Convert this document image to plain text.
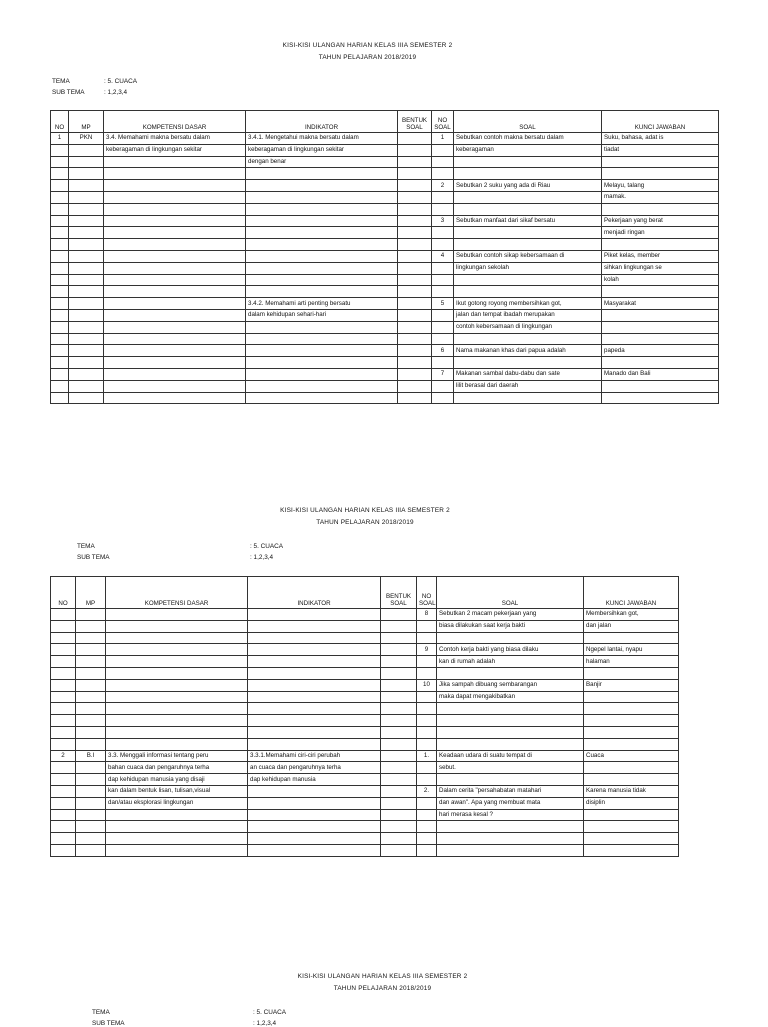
KISI-KISI ULANGAN HARIAN KELAS IIIA SEMESTER 2
TAHUN PELAJARAN 2018/2019
TEMA	: 5. CUACA
SUB TEMA	: 1,2,3,4
NO	MP	KOMPETENSI DASAR	INDIKATOR	BENTUK SOAL	NO SOAL	SOAL	KUNCI JAWABAN
1	PKN	3.4. Memahami makna bersatu dalam	3.4.1. Mengetahui makna bersatu dalam		1	Sebutkan contoh makna bersatu dalam	Suku, bahasa, adat is
		keberagaman di lingkungan sekitar	keberagaman di lingkungan sekitar			keberagaman	tiadat
			dengan benar				

					2	Sebutkan 2 suku yang ada di Riau	Melayu, talang
							mamak.

					3	Sebutkan manfaat dari sikaf bersatu	Pekerjaan yang berat
							menjadi ringan

					4	Sebutkan contoh sikap kebersamaan di	Piket kelas, member
						lingkungan sekolah	sihkan lingkungan se
							kolah

			3.4.2. Memahami arti penting bersatu		5	Ikut gotong royong membersihkan got,	Masyarakat
			dalam kehidupan sehari-hari			jalan dan tempat ibadah merupakan	
						contoh kebersamaan di lingkungan	

					6	Nama makanan khas dari papua adalah	papeda

					7	Makanan sambal dabu-dabu dan sate	Manado dan Bali
						lilit berasal dari daerah	

KISI-KISI ULANGAN HARIAN KELAS IIIA SEMESTER 2
TAHUN PELAJARAN 2018/2019
TEMA	: 5. CUACA
SUB TEMA	: 1,2,3,4
NO	MP	KOMPETENSI DASAR	INDIKATOR	BENTUK SOAL	NO SOAL	SOAL	KUNCI JAWABAN
					8	Sebutkan 2 macam pekerjaan yang	Membersihkan got,
						biasa dilakukan saat kerja bakti	dan jalan

					9	Contoh kerja bakti yang biasa dilaku	Ngepel lantai, nyapu
						kan di rumah adalah	halaman

					10	Jika sampah dibuang sembarangan	Banjir
						maka dapat mengakibatkan	

2	B.I	3.3. Menggali informasi tentang peru	3.3.1.Memahami ciri-ciri perubah		1.	Keadaan udara di suatu tempat di	Cuaca
		bahan cuaca dan pengaruhnya terha	an cuaca dan pengaruhnya terha			sebut.	
		dap kehidupan manusia yang disaji	dap kehidupan manusia				
		kan dalam bentuk lisan, tulisan,visual			2.	Dalam cerita "persahabatan matahari	Karena manusia tidak
		dan/atau eksplorasi lingkungan				dan awan". Apa yang membuat mata	disiplin
						hari merasa kesal ?	

KISI-KISI ULANGAN HARIAN KELAS IIIA SEMESTER 2
TAHUN PELAJARAN 2018/2019
TEMA	: 5. CUACA
SUB TEMA	: 1,2,3,4
